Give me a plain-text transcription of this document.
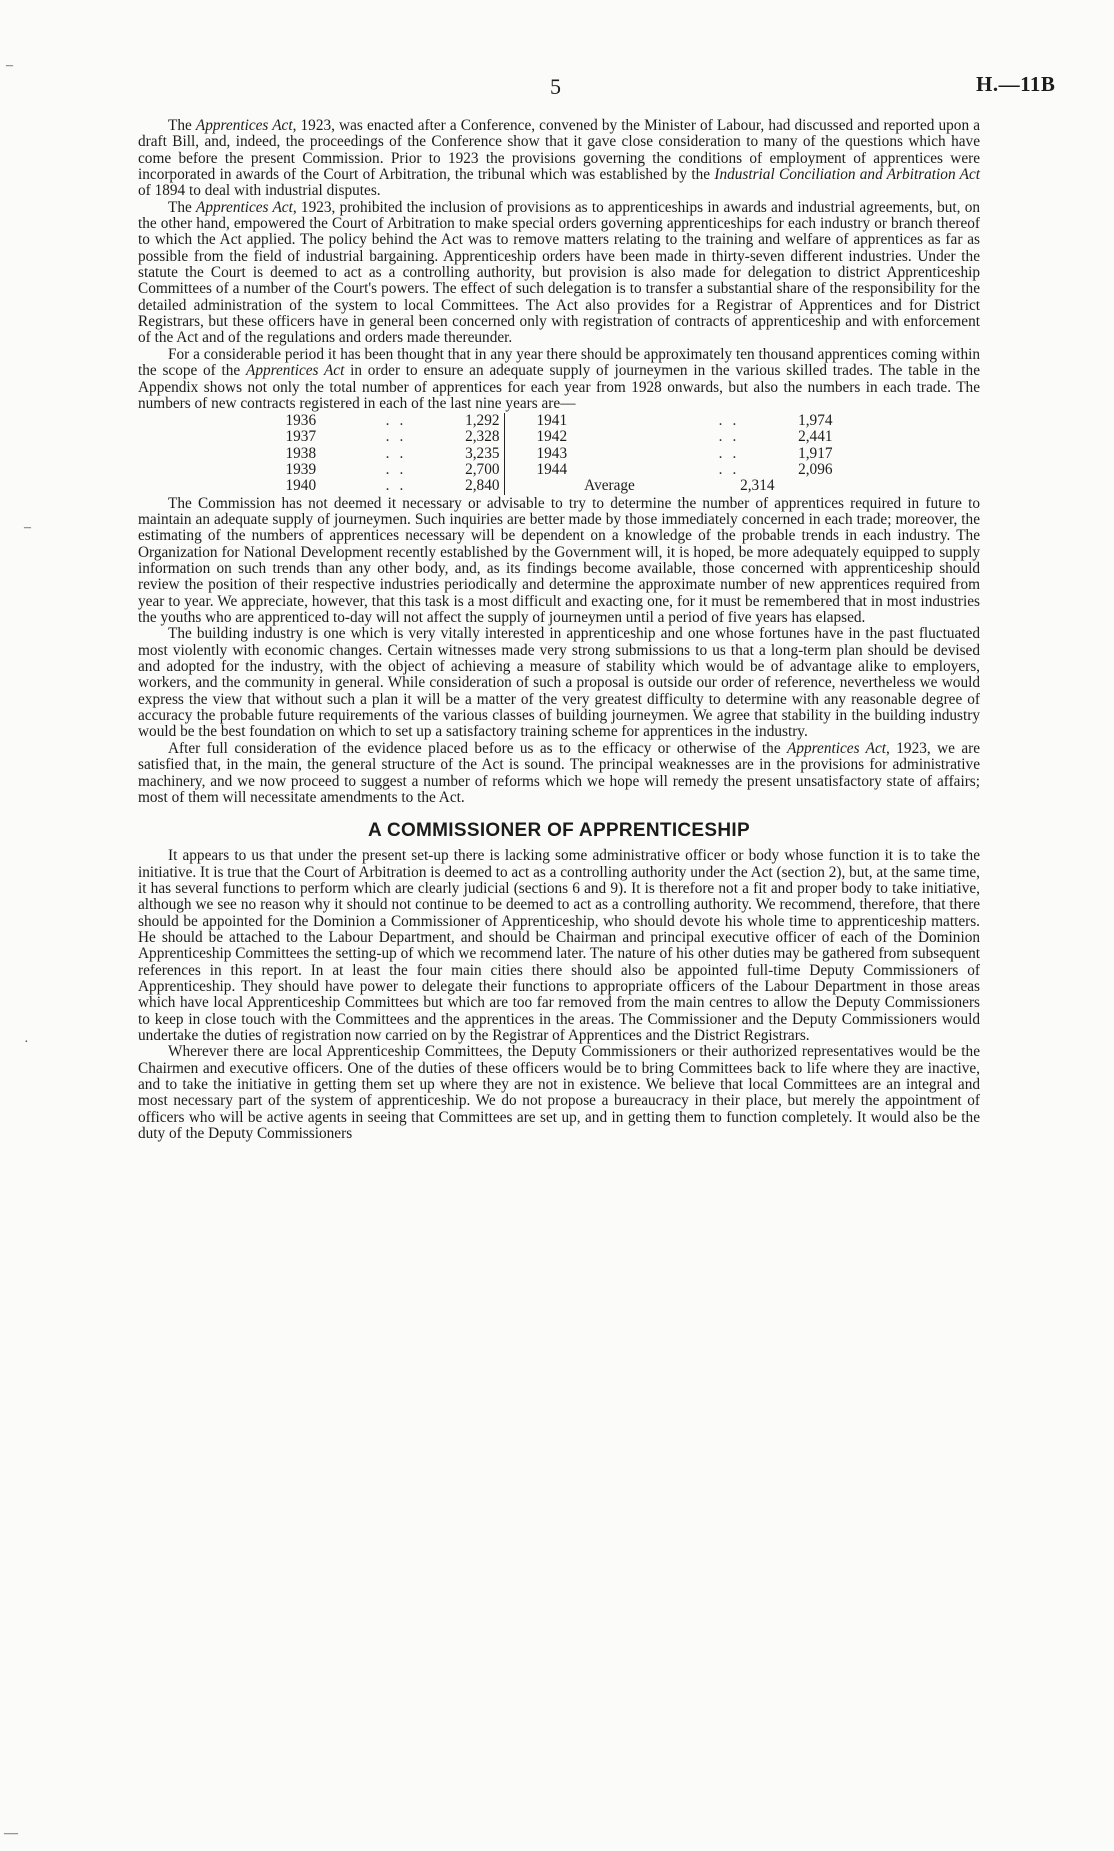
5	H.—11B
–
–
·
—

The Apprentices Act, 1923, was enacted after a Conference, convened by the Minister of Labour, had discussed and reported upon a draft Bill, and, indeed, the proceedings of the Conference show that it gave close consideration to many of the questions which have come before the present Commission. Prior to 1923 the provisions governing the conditions of employment of apprentices were incorporated in awards of the Court of Arbitration, the tribunal which was established by the Industrial Conciliation and Arbitration Act of 1894 to deal with industrial disputes.

The Apprentices Act, 1923, prohibited the inclusion of provisions as to apprenticeships in awards and industrial agreements, but, on the other hand, empowered the Court of Arbitration to make special orders governing apprenticeships for each industry or branch thereof to which the Act applied. The policy behind the Act was to remove matters relating to the training and welfare of apprentices as far as possible from the field of industrial bargaining. Apprenticeship orders have been made in thirty-seven different industries. Under the statute the Court is deemed to act as a controlling authority, but provision is also made for delegation to district Apprenticeship Committees of a number of the Court's powers. The effect of such delegation is to transfer a substantial share of the responsibility for the detailed administration of the system to local Committees. The Act also provides for a Registrar of Apprentices and for District Registrars, but these officers have in general been concerned only with registration of contracts of apprenticeship and with enforcement of the Act and of the regulations and orders made thereunder.

For a considerable period it has been thought that in any year there should be approximately ten thousand apprentices coming within the scope of the Apprentices Act in order to ensure an adequate supply of journeymen in the various skilled trades. The table in the Appendix shows not only the total number of apprentices for each year from 1928 onwards, but also the numbers in each trade. The numbers of new contracts registered in each of the last nine years are—

1936	..	1,292		1941	..	1,974
1937	..	2,328		1942	..	2,441
1938	..	3,235		1943	..	1,917
1939	..	2,700		1944	..	2,096
1940	..	2,840		Average	2,314	

The Commission has not deemed it necessary or advisable to try to determine the number of apprentices required in future to maintain an adequate supply of journeymen. Such inquiries are better made by those immediately concerned in each trade; moreover, the estimating of the numbers of apprentices necessary will be dependent on a knowledge of the probable trends in each industry. The Organization for National Development recently established by the Government will, it is hoped, be more adequately equipped to supply information on such trends than any other body, and, as its findings become available, those concerned with apprenticeship should review the position of their respective industries periodically and determine the approximate number of new apprentices required from year to year. We appreciate, however, that this task is a most difficult and exacting one, for it must be remembered that in most industries the youths who are apprenticed to-day will not affect the supply of journeymen until a period of five years has elapsed.

The building industry is one which is very vitally interested in apprenticeship and one whose fortunes have in the past fluctuated most violently with economic changes. Certain witnesses made very strong submissions to us that a long-term plan should be devised and adopted for the industry, with the object of achieving a measure of stability which would be of advantage alike to employers, workers, and the community in general. While consideration of such a proposal is outside our order of reference, nevertheless we would express the view that without such a plan it will be a matter of the very greatest difficulty to determine with any reasonable degree of accuracy the probable future requirements of the various classes of building journeymen. We agree that stability in the building industry would be the best foundation on which to set up a satisfactory training scheme for apprentices in the industry.

After full consideration of the evidence placed before us as to the efficacy or otherwise of the Apprentices Act, 1923, we are satisfied that, in the main, the general structure of the Act is sound. The principal weaknesses are in the provisions for administrative machinery, and we now proceed to suggest a number of reforms which we hope will remedy the present unsatisfactory state of affairs; most of them will necessitate amendments to the Act.

A COMMISSIONER OF APPRENTICESHIP

It appears to us that under the present set-up there is lacking some administrative officer or body whose function it is to take the initiative. It is true that the Court of Arbitration is deemed to act as a controlling authority under the Act (section 2), but, at the same time, it has several functions to perform which are clearly judicial (sections 6 and 9). It is therefore not a fit and proper body to take initiative, although we see no reason why it should not continue to be deemed to act as a controlling authority. We recommend, therefore, that there should be appointed for the Dominion a Commissioner of Apprenticeship, who should devote his whole time to apprenticeship matters. He should be attached to the Labour Department, and should be Chairman and principal executive officer of each of the Dominion Apprenticeship Committees the setting-up of which we recommend later. The nature of his other duties may be gathered from subsequent references in this report. In at least the four main cities there should also be appointed full-time Deputy Commissioners of Apprenticeship. They should have power to delegate their functions to appropriate officers of the Labour Department in those areas which have local Apprenticeship Committees but which are too far removed from the main centres to allow the Deputy Commissioners to keep in close touch with the Committees and the apprentices in the areas. The Commissioner and the Deputy Commissioners would undertake the duties of registration now carried on by the Registrar of Apprentices and the District Registrars.

Wherever there are local Apprenticeship Committees, the Deputy Commissioners or their authorized representatives would be the Chairmen and executive officers. One of the duties of these officers would be to bring Committees back to life where they are inactive, and to take the initiative in getting them set up where they are not in existence. We believe that local Committees are an integral and most necessary part of the system of apprenticeship. We do not propose a bureaucracy in their place, but merely the appointment of officers who will be active agents in seeing that Committees are set up, and in getting them to function completely. It would also be the duty of the Deputy Commissioners
